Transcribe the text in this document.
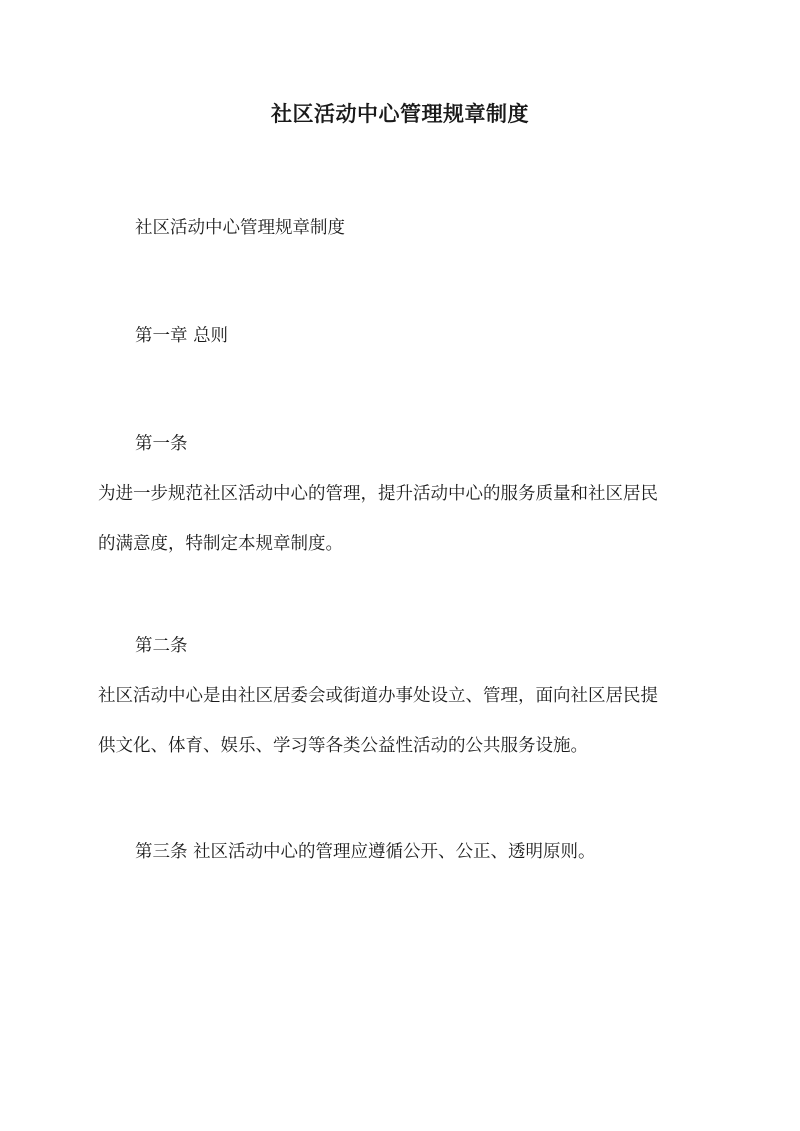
社区活动中心管理规章制度
社区活动中心管理规章制度
第一章 总则
第一条
为进一步规范社区活动中心的管理，提升活动中心的服务质量和社区居民
的满意度，特制定本规章制度。
第二条
社区活动中心是由社区居委会或街道办事处设立、管理，面向社区居民提
供文化、体育、娱乐、学习等各类公益性活动的公共服务设施。
第三条 社区活动中心的管理应遵循公开、公正、透明原则。
